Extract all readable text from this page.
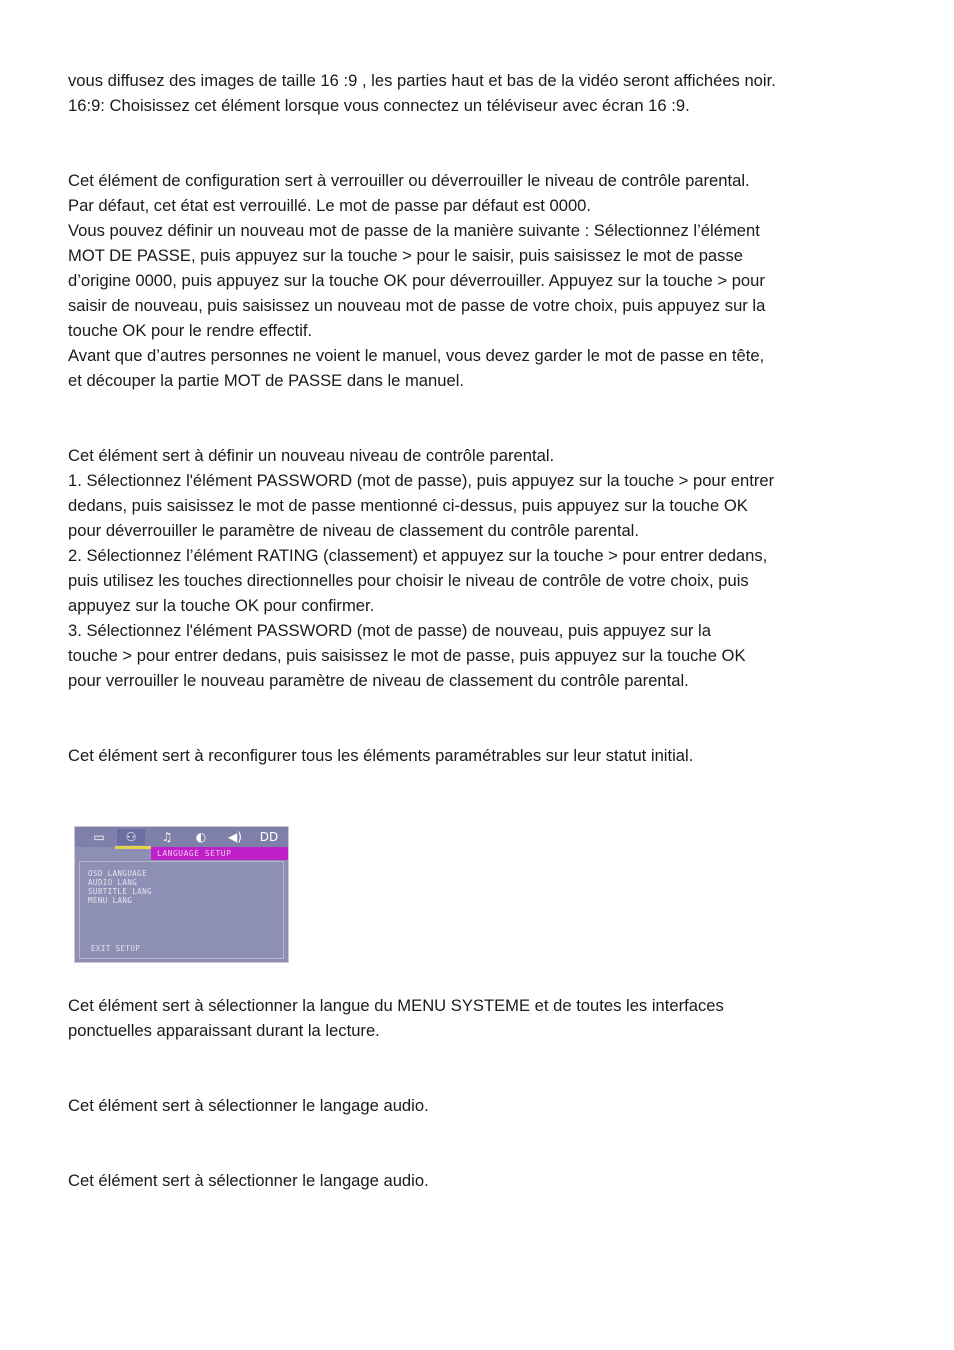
vous diffusez des images de taille 16 :9 , les parties haut et bas de la vidéo seront affichées noir.
16:9: Choisissez cet élément lorsque vous connectez un téléviseur avec écran 16 :9.
Cet élément de configuration sert à verrouiller ou déverrouiller le niveau de contrôle parental.
Par défaut, cet état est verrouillé. Le mot de passe par défaut est 0000.
Vous pouvez définir un nouveau mot de passe de la manière suivante : Sélectionnez l’élément
MOT DE PASSE, puis appuyez sur la touche > pour le saisir, puis saisissez le mot de passe
d’origine 0000, puis appuyez sur la touche OK pour déverrouiller. Appuyez sur la touche > pour
saisir de nouveau, puis saisissez un nouveau mot de passe de votre choix, puis appuyez sur la
touche OK pour le rendre effectif.
Avant que d’autres personnes ne voient le manuel, vous devez garder le mot de passe en tête,
et découper la partie MOT de PASSE dans le manuel.
Cet élément sert à définir un nouveau niveau de contrôle parental.
1. Sélectionnez l'élément PASSWORD (mot de passe), puis appuyez sur la touche > pour entrer
dedans, puis saisissez le mot de passe mentionné ci-dessus, puis appuyez sur la touche OK
pour déverrouiller le paramètre de niveau de classement du contrôle parental.
2. Sélectionnez l’élément RATING (classement) et appuyez sur la touche > pour entrer dedans,
puis utilisez les touches directionnelles pour choisir le niveau de contrôle de votre choix, puis
appuyez sur la touche OK pour confirmer.
3. Sélectionnez l'élément PASSWORD (mot de passe) de nouveau, puis appuyez sur la
touche > pour entrer dedans, puis saisissez le mot de passe, puis appuyez sur la touche OK
pour verrouiller le nouveau paramètre de niveau de classement du contrôle parental.
Cet élément sert à reconfigurer tous les éléments paramétrables sur leur statut initial.
▭	⚇	♫	◐	◀)	DD
LANGUAGE SETUP
OSD LANGUAGE
AUDIO LANG
SUBTITLE LANG
MENU LANG
EXIT SETUP
Cet élément sert à sélectionner la langue du MENU SYSTEME et de toutes les interfaces
ponctuelles apparaissant durant la lecture.
Cet élément sert à sélectionner le langage audio.
Cet élément sert à sélectionner le langage audio.
